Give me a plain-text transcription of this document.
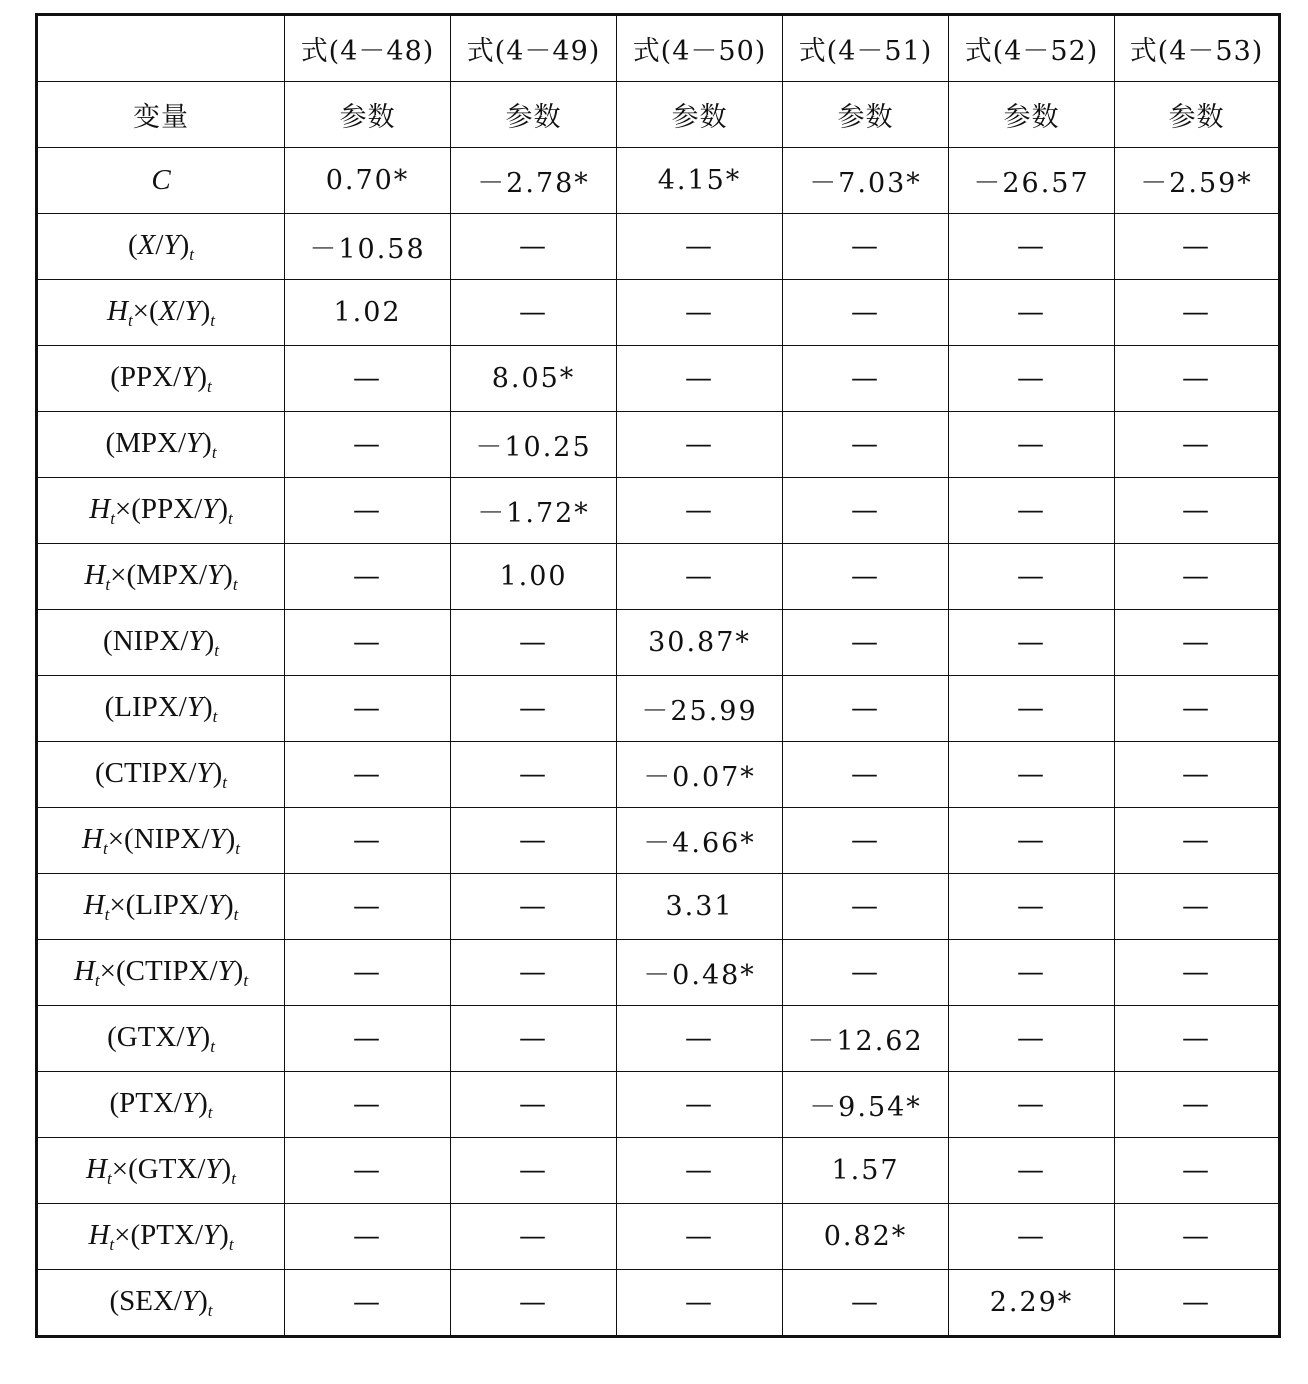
	式(4－48)	式(4－49)	式(4－50)	式(4－51)	式(4－52)	式(4－53)
变量	参数	参数	参数	参数	参数	参数
C	0.70*	－2.78*	4.15*	－7.03*	－26.57	－2.59*
$(X/Y)_t$	－10.58	—	—	—	—	—
$H_t\times(X/Y)_t$	1.02	—	—	—	—	—
$(PPX/Y)_t$	—	8.05*	—	—	—	—
$(MPX/Y)_t$	—	－10.25	—	—	—	—
$H_t\times(PPX/Y)_t$	—	－1.72*	—	—	—	—
$H_t\times(MPX/Y)_t$	—	1.00	—	—	—	—
$(NIPX/Y)_t$	—	—	30.87*	—	—	—
$(LIPX/Y)_t$	—	—	－25.99	—	—	—
$(CTIPX/Y)_t$	—	—	－0.07*	—	—	—
$H_t\times(NIPX/Y)_t$	—	—	－4.66*	—	—	—
$H_t\times(LIPX/Y)_t$	—	—	3.31	—	—	—
$H_t\times(CTIPX/Y)_t$	—	—	－0.48*	—	—	—
$(GTX/Y)_t$	—	—	—	－12.62	—	—
$(PTX/Y)_t$	—	—	—	－9.54*	—	—
$H_t\times(GTX/Y)_t$	—	—	—	1.57	—	—
$H_t\times(PTX/Y)_t$	—	—	—	0.82*	—	—
$(SEX/Y)_t$	—	—	—	—	2.29*	—
